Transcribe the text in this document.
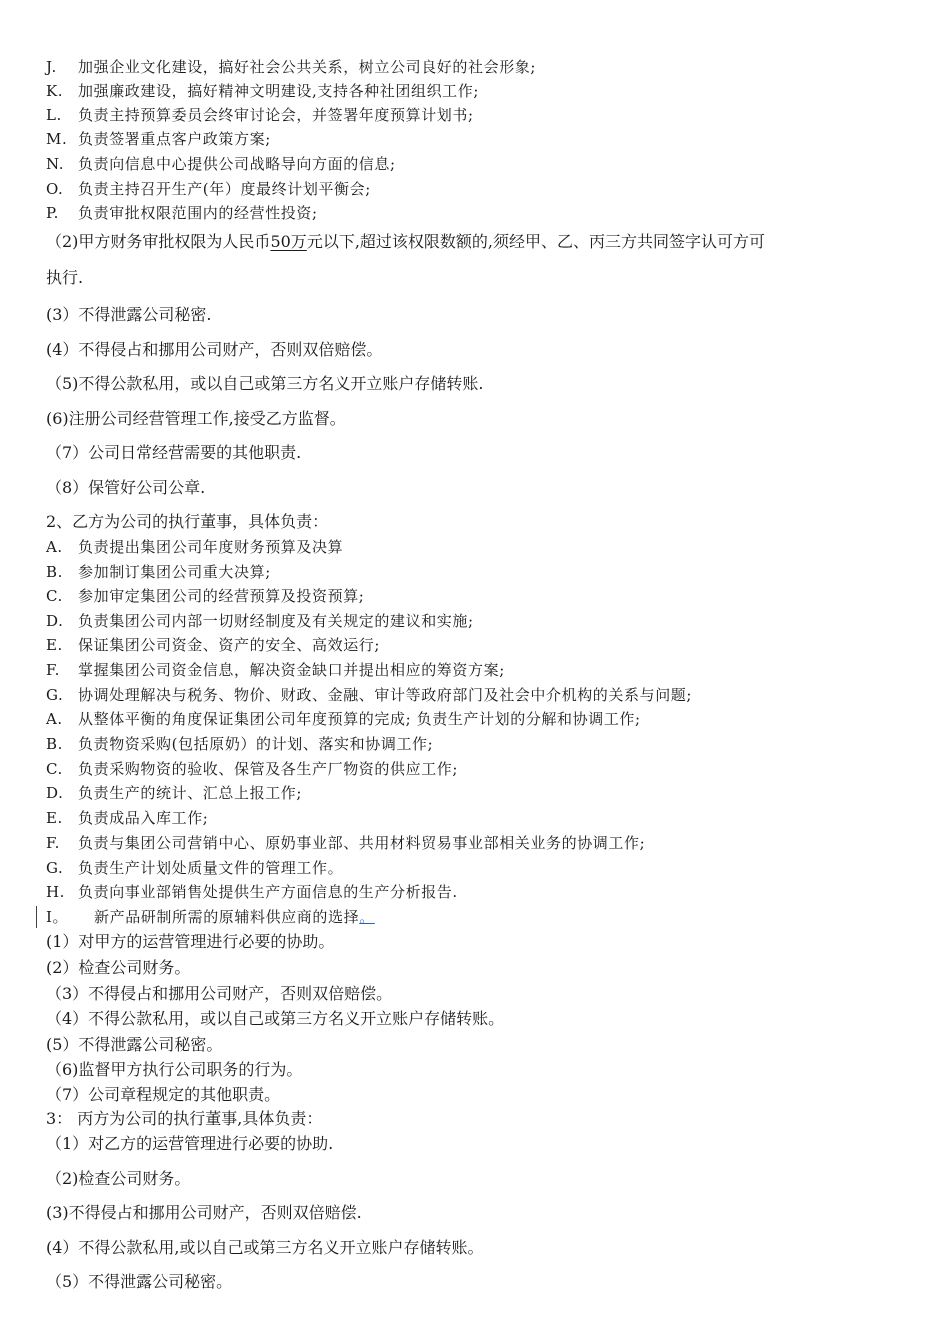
J. 加强企业文化建设，搞好社会公共关系，树立公司良好的社会形象;
K. 加强廉政建设，搞好精神文明建设,支持各种社团组织工作;
L. 负责主持预算委员会终审讨论会，并签署年度预算计划书;
M. 负责签署重点客户政策方案;
N. 负责向信息中心提供公司战略导向方面的信息;
O. 负责主持召开生产(年）度最终计划平衡会;
P. 负责审批权限范围内的经营性投资;
（2)甲方财务审批权限为人民币50万元以下,超过该权限数额的,须经甲、乙、丙三方共同签字认可方可
执行.
(3）不得泄露公司秘密.
(4）不得侵占和挪用公司财产，否则双倍赔偿。
（5)不得公款私用，或以自己或第三方名义开立账户存储转账.
(6)注册公司经营管理工作,接受乙方监督。
（7）公司日常经营需要的其他职责.
（8）保管好公司公章.
2、乙方为公司的执行董事，具体负责：
A. 负责提出集团公司年度财务预算及决算
B. 参加制订集团公司重大决算;
C. 参加审定集团公司的经营预算及投资预算;
D. 负责集团公司内部一切财经制度及有关规定的建议和实施;
E. 保证集团公司资金、资产的安全、高效运行;
F. 掌握集团公司资金信息，解决资金缺口并提出相应的筹资方案;
G. 协调处理解决与税务、物价、财政、金融、审计等政府部门及社会中介机构的关系与问题;
A. 从整体平衡的角度保证集团公司年度预算的完成; 负责生产计划的分解和协调工作;
B. 负责物资采购(包括原奶）的计划、落实和协调工作;
C. 负责采购物资的验收、保管及各生产厂物资的供应工作;
D. 负责生产的统计、汇总上报工作;
E. 负责成品入库工作;
F. 负责与集团公司营销中心、原奶事业部、共用材料贸易事业部相关业务的协调工作;
G. 负责生产计划处质量文件的管理工作。
H. 负责向事业部销售处提供生产方面信息的生产分析报告.
I。 新产品研制所需的原辅料供应商的选择。
(1）对甲方的运营管理进行必要的协助。
(2）检查公司财务。
（3）不得侵占和挪用公司财产，否则双倍赔偿。
（4）不得公款私用，或以自己或第三方名义开立账户存储转账。
(5）不得泄露公司秘密。
（6)监督甲方执行公司职务的行为。
（7）公司章程规定的其他职责。
3： 丙方为公司的执行董事,具体负责：
（1）对乙方的运营管理进行必要的协助.
（2)检查公司财务。
(3)不得侵占和挪用公司财产，否则双倍赔偿.
(4）不得公款私用,或以自己或第三方名义开立账户存储转账。
（5）不得泄露公司秘密。
